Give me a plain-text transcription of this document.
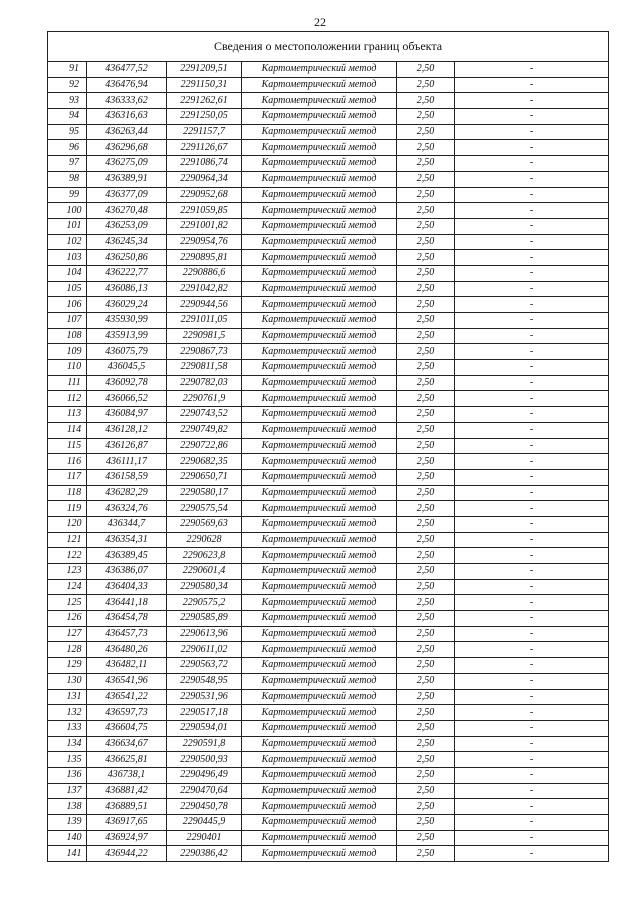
22
Сведения о местоположении границ объекта					
91	436477,52	2291209,51	Картометрический метод	2,50	-
92	436476,94	2291150,31	Картометрический метод	2,50	-
93	436333,62	2291262,61	Картометрический метод	2,50	-
94	436316,63	2291250,05	Картометрический метод	2,50	-
95	436263,44	2291157,7	Картометрический метод	2,50	-
96	436296,68	2291126,67	Картометрический метод	2,50	-
97	436275,09	2291086,74	Картометрический метод	2,50	-
98	436389,91	2290964,34	Картометрический метод	2,50	-
99	436377,09	2290952,68	Картометрический метод	2,50	-
100	436270,48	2291059,85	Картометрический метод	2,50	-
101	436253,09	2291001,82	Картометрический метод	2,50	-
102	436245,34	2290954,76	Картометрический метод	2,50	-
103	436250,86	2290895,81	Картометрический метод	2,50	-
104	436222,77	2290886,6	Картометрический метод	2,50	-
105	436086,13	2291042,82	Картометрический метод	2,50	-
106	436029,24	2290944,56	Картометрический метод	2,50	-
107	435930,99	2291011,05	Картометрический метод	2,50	-
108	435913,99	2290981,5	Картометрический метод	2,50	-
109	436075,79	2290867,73	Картометрический метод	2,50	-
110	436045,5	2290811,58	Картометрический метод	2,50	-
111	436092,78	2290782,03	Картометрический метод	2,50	-
112	436066,52	2290761,9	Картометрический метод	2,50	-
113	436084,97	2290743,52	Картометрический метод	2,50	-
114	436128,12	2290749,82	Картометрический метод	2,50	-
115	436126,87	2290722,86	Картометрический метод	2,50	-
116	436111,17	2290682,35	Картометрический метод	2,50	-
117	436158,59	2290650,71	Картометрический метод	2,50	-
118	436282,29	2290580,17	Картометрический метод	2,50	-
119	436324,76	2290575,54	Картометрический метод	2,50	-
120	436344,7	2290569,63	Картометрический метод	2,50	-
121	436354,31	2290628	Картометрический метод	2,50	-
122	436389,45	2290623,8	Картометрический метод	2,50	-
123	436386,07	2290601,4	Картометрический метод	2,50	-
124	436404,33	2290580,34	Картометрический метод	2,50	-
125	436441,18	2290575,2	Картометрический метод	2,50	-
126	436454,78	2290585,89	Картометрический метод	2,50	-
127	436457,73	2290613,96	Картометрический метод	2,50	-
128	436480,26	2290611,02	Картометрический метод	2,50	-
129	436482,11	2290563,72	Картометрический метод	2,50	-
130	436541,96	2290548,95	Картометрический метод	2,50	-
131	436541,22	2290531,96	Картометрический метод	2,50	-
132	436597,73	2290517,18	Картометрический метод	2,50	-
133	436604,75	2290594,01	Картометрический метод	2,50	-
134	436634,67	2290591,8	Картометрический метод	2,50	-
135	436625,81	2290500,93	Картометрический метод	2,50	-
136	436738,1	2290496,49	Картометрический метод	2,50	-
137	436881,42	2290470,64	Картометрический метод	2,50	-
138	436889,51	2290450,78	Картометрический метод	2,50	-
139	436917,65	2290445,9	Картометрический метод	2,50	-
140	436924,97	2290401	Картометрический метод	2,50	-
141	436944,22	2290386,42	Картометрический метод	2,50	-
